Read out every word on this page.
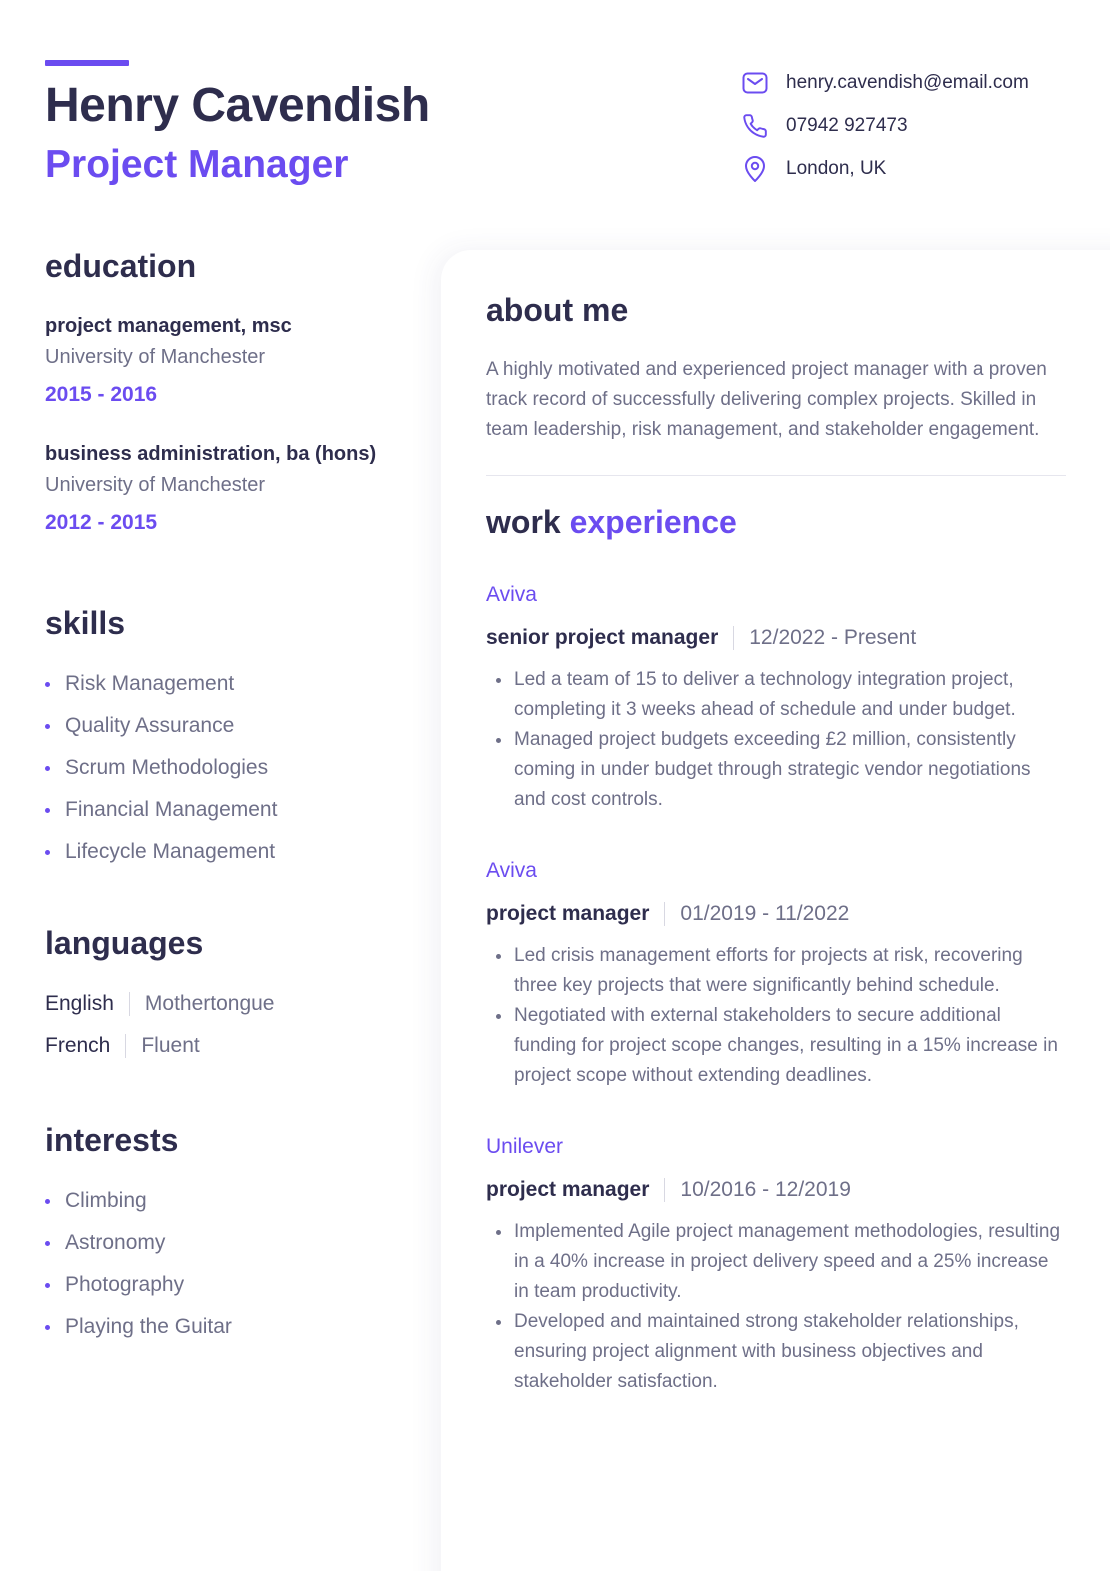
Henry Cavendish
Project Manager
henry.cavendish@email.com
07942 927473
London, UK
education
project management, msc
University of Manchester
2015 - 2016
business administration, ba (hons)
University of Manchester
2012 - 2015
skills
Risk Management
Quality Assurance
Scrum Methodologies
Financial Management
Lifecycle Management
languages
English Mothertongue
French Fluent
interests
Climbing
Astronomy
Photography
Playing the Guitar
about me

A highly motivated and experienced project manager with a proven track record of successfully delivering complex projects. Skilled in team leadership, risk management, and stakeholder engagement.

work experience
Aviva
senior project manager 12/2022 - Present
Led a team of 15 to deliver a technology integration project, completing it 3 weeks ahead of schedule and under budget.
Managed project budgets exceeding £2 million, consistently coming in under budget through strategic vendor negotiations and cost controls.
Aviva
project manager 01/2019 - 11/2022
Led crisis management efforts for projects at risk, recovering three key projects that were significantly behind schedule.
Negotiated with external stakeholders to secure additional funding for project scope changes, resulting in a 15% increase in project scope without extending deadlines.
Unilever
project manager 10/2016 - 12/2019
Implemented Agile project management methodologies, resulting in a 40% increase in project delivery speed and a 25% increase in team productivity.
Developed and maintained strong stakeholder relationships, ensuring project alignment with business objectives and stakeholder satisfaction.
